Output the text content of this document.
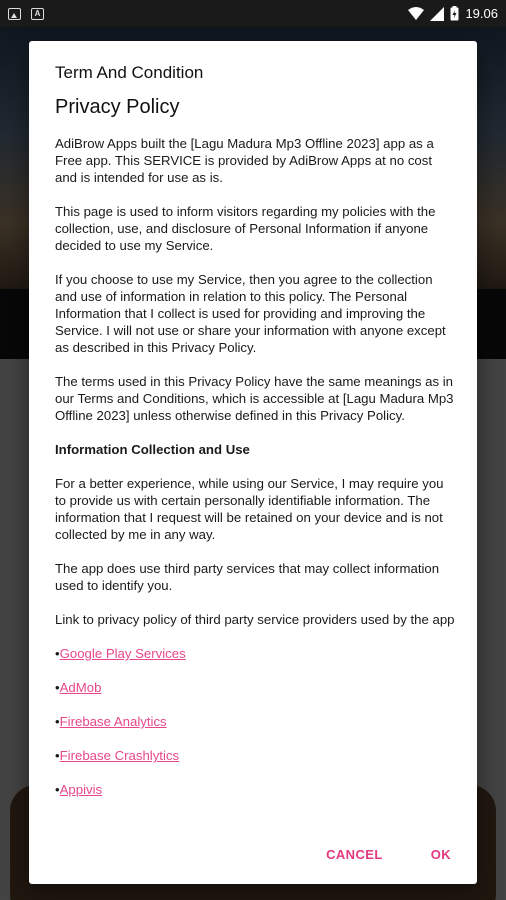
A	19.06
Term And Condition
Privacy Policy

AdiBrow Apps built the [Lagu Madura Mp3 Offline 2023] app as a Free app. This SERVICE is provided by AdiBrow Apps at no cost and is intended for use as is.

This page is used to inform visitors regarding my policies with the collection, use, and disclosure of Personal Information if anyone decided to use my Service.

If you choose to use my Service, then you agree to the collection and use of information in relation to this policy. The Personal Information that I collect is used for providing and improving the Service. I will not use or share your information with anyone except as described in this Privacy Policy.

The terms used in this Privacy Policy have the same meanings as in our Terms and Conditions, which is accessible at [Lagu Madura Mp3 Offline 2023] unless otherwise defined in this Privacy Policy.

Information Collection and Use

For a better experience, while using our Service, I may require you to provide us with certain personally identifiable information. The information that I request will be retained on your device and is not collected by me in any way.

The app does use third party services that may collect information used to identify you.

Link to privacy policy of third party service providers used by the app

•Google Play Services

•AdMob

•Firebase Analytics

•Firebase Crashlytics

•Appivis

CANCEL	OK
